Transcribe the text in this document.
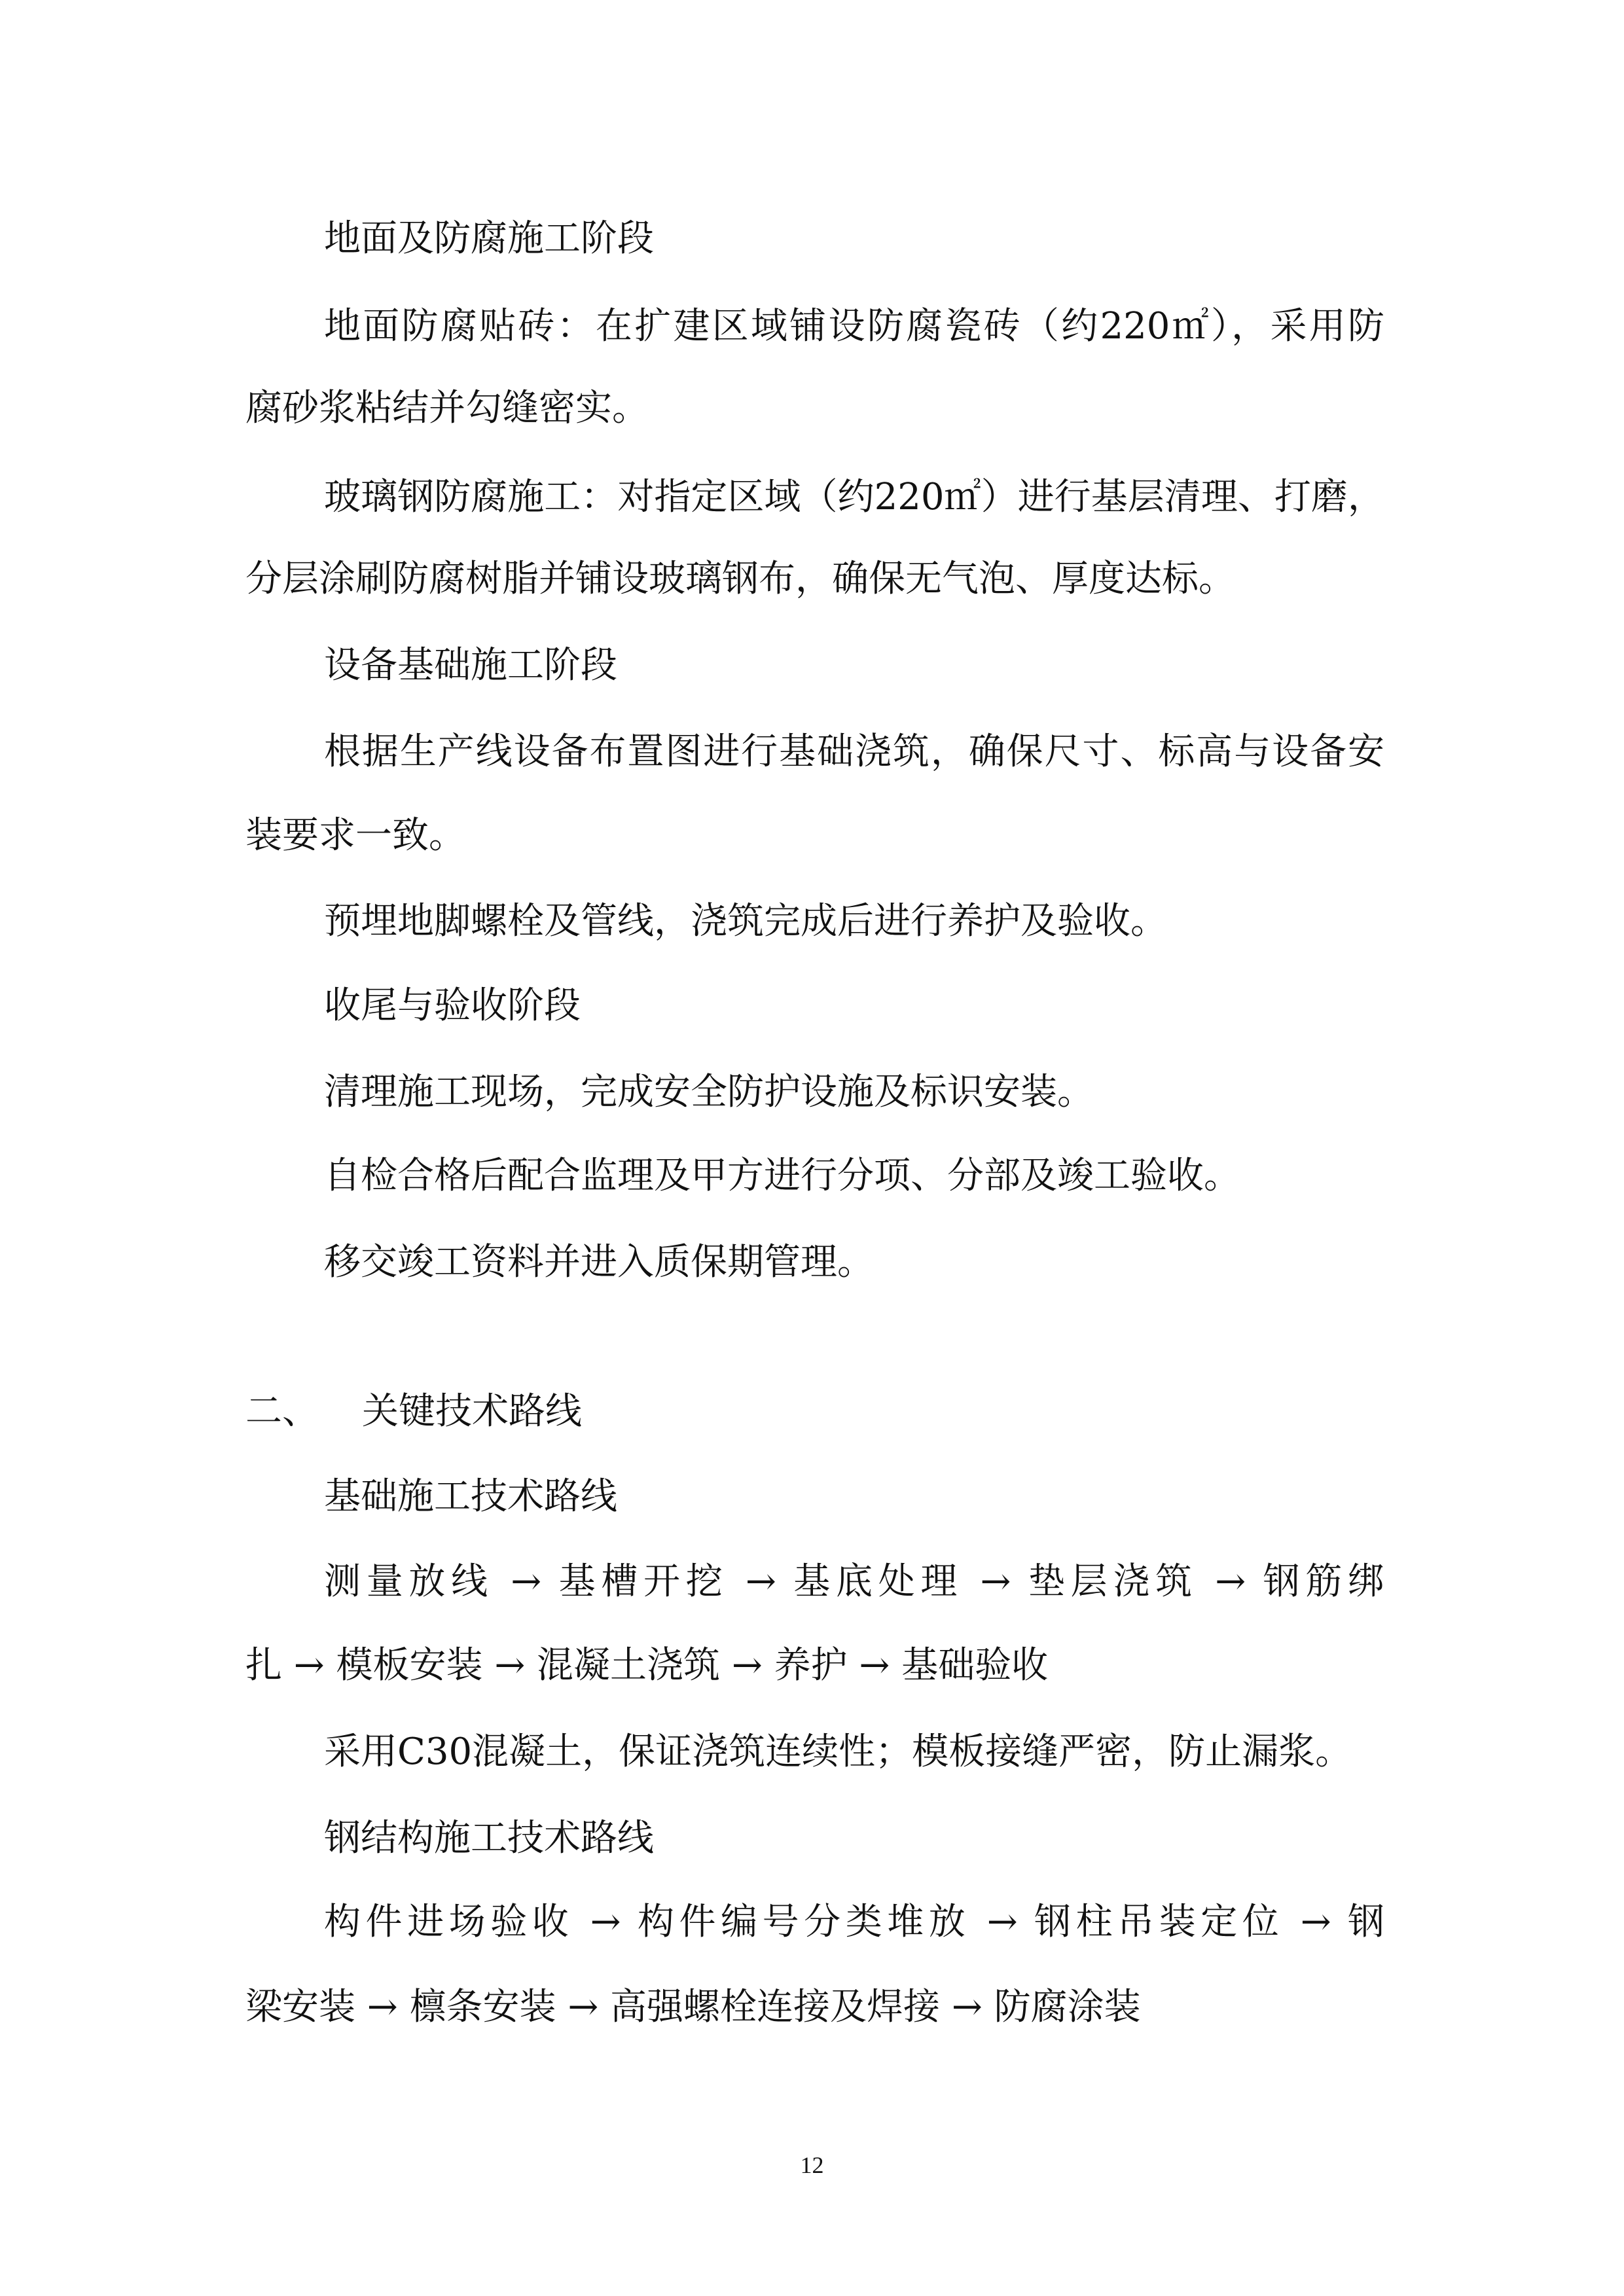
地面及防腐施工阶段

地面防腐贴砖：在扩建区域铺设防腐瓷砖（约220㎡），采用防

腐砂浆粘结并勾缝密实。

玻璃钢防腐施工：对指定区域（约220㎡）进行基层清理、打磨，

分层涂刷防腐树脂并铺设玻璃钢布，确保无气泡、厚度达标。

设备基础施工阶段

根据生产线设备布置图进行基础浇筑，确保尺寸、标高与设备安

装要求一致。

预埋地脚螺栓及管线，浇筑完成后进行养护及验收。

收尾与验收阶段

清理施工现场，完成安全防护设施及标识安装。

自检合格后配合监理及甲方进行分项、分部及竣工验收。

移交竣工资料并进入质保期管理。

二、 关键技术路线

基础施工技术路线

测量放线 → 基槽开挖 → 基底处理 → 垫层浇筑 → 钢筋绑

扎 → 模板安装 → 混凝土浇筑 → 养护 → 基础验收

采用C30混凝土，保证浇筑连续性；模板接缝严密，防止漏浆。

钢结构施工技术路线

构件进场验收 → 构件编号分类堆放 → 钢柱吊装定位 → 钢

梁安装 → 檩条安装 → 高强螺栓连接及焊接 → 防腐涂装

12
